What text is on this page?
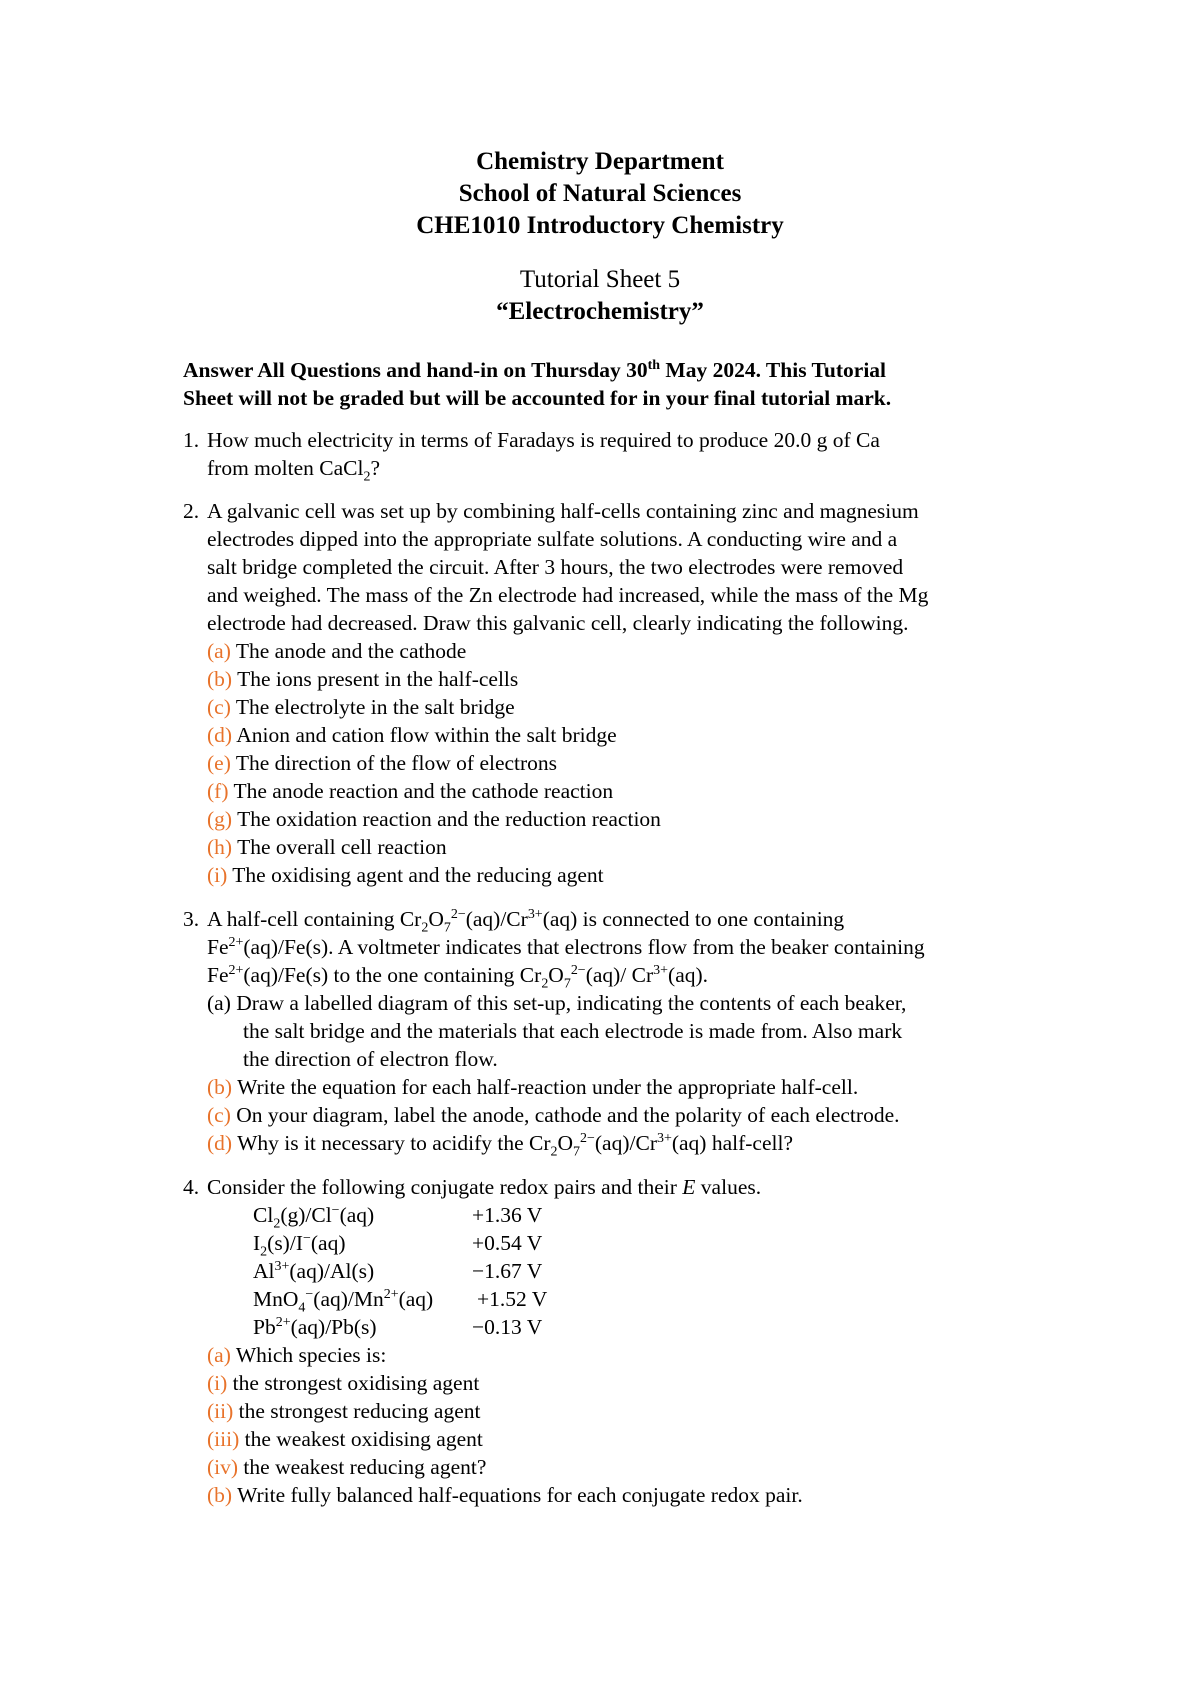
Chemistry Department
School of Natural Sciences
CHE1010 Introductory Chemistry
Tutorial Sheet 5
“Electrochemistry”
Answer All Questions and hand-in on Thursday 30th May 2024. This Tutorial
Sheet will not be graded but will be accounted for in your final tutorial mark.
1. How much electricity in terms of Faradays is required to produce 20.0 g of Ca
from molten CaCl$_2$?
2. A galvanic cell was set up by combining half-cells containing zinc and magnesium
electrodes dipped into the appropriate sulfate solutions. A conducting wire and a
salt bridge completed the circuit. After 3 hours, the two electrodes were removed
and weighed. The mass of the Zn electrode had increased, while the mass of the Mg
electrode had decreased. Draw this galvanic cell, clearly indicating the following.
(a) The anode and the cathode
(b) The ions present in the half-cells
(c) The electrolyte in the salt bridge
(d) Anion and cation flow within the salt bridge
(e) The direction of the flow of electrons
(f) The anode reaction and the cathode reaction
(g) The oxidation reaction and the reduction reaction
(h) The overall cell reaction
(i) The oxidising agent and the reducing agent
3. A half-cell containing $Cr_2O_7^{2-}(aq)/Cr^{3+}(aq)$ is connected to one containing
$Fe^{2+}(aq)/Fe(s)$. A voltmeter indicates that electrons flow from the beaker containing
$Fe^{2+}(aq)/Fe(s)$ to the one containing $Cr_2O_7^{2-}(aq)/$ $Cr^{3+}(aq)$.
(a) Draw a labelled diagram of this set-up, indicating the contents of each beaker,
the salt bridge and the materials that each electrode is made from. Also mark
the direction of electron flow.
(b) Write the equation for each half-reaction under the appropriate half-cell.
(c) On your diagram, label the anode, cathode and the polarity of each electrode.
(d) Why is it necessary to acidify the $Cr_2O_7^{2-}(aq)/Cr^{3+}(aq)$ half-cell?
4. Consider the following conjugate redox pairs and their E values.
$Cl_2(g)/Cl^-(aq)$	+1.36 V
$I_2(s)/I^-(aq)$	+0.54 V
$Al^{3+}(aq)/Al(s)$	−1.67 V
$MnO_4^-(aq)/Mn^{2+}(aq) +1.52$ V
$Pb^{2+}(aq)/Pb(s)$	−0.13 V
(a) Which species is:
(i) the strongest oxidising agent
(ii) the strongest reducing agent
(iii) the weakest oxidising agent
(iv) the weakest reducing agent?
(b) Write fully balanced half-equations for each conjugate redox pair.
